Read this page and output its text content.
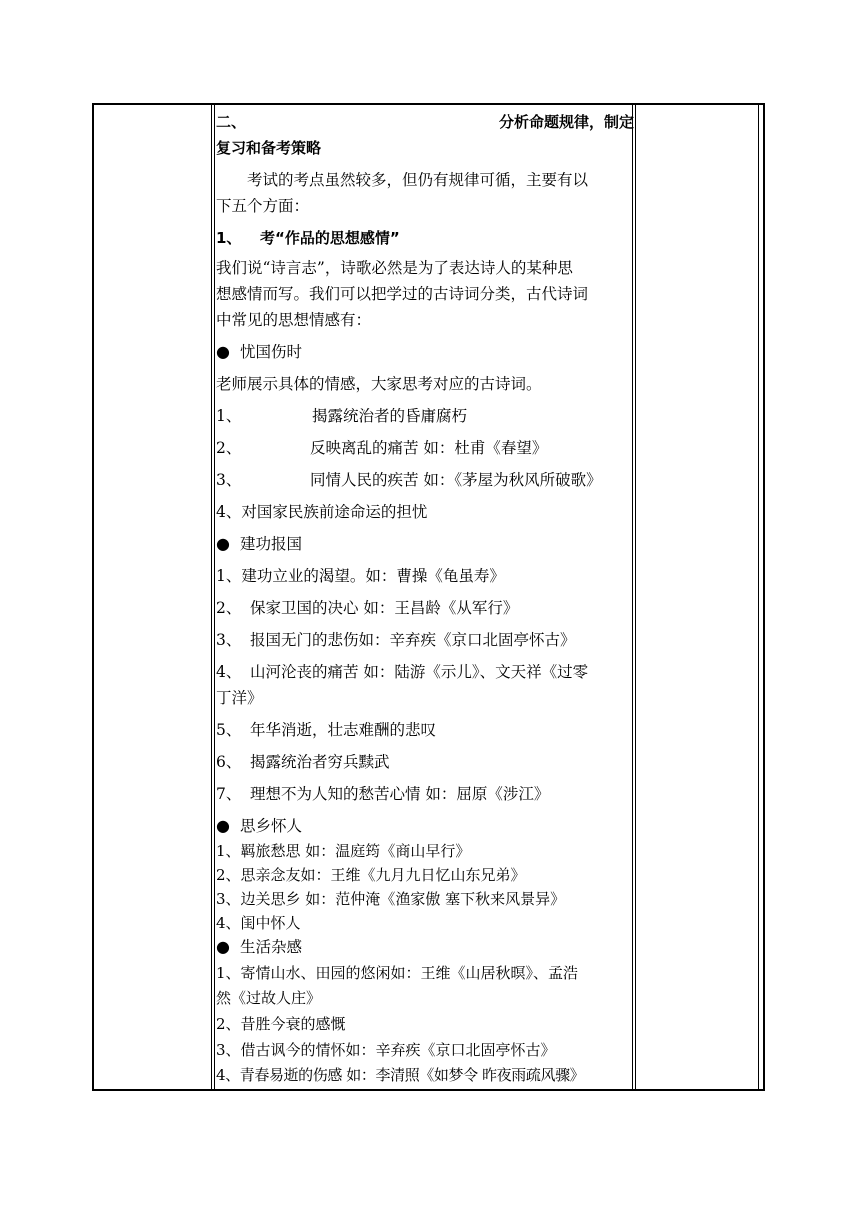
二、	分析命题规律，制定
复习和备考策略
考试的考点虽然较多，但仍有规律可循，主要有以
下五个方面：
1、 考“作品的思想感情”
我们说“诗言志”，诗歌必然是为了表达诗人的某种思
想感情而写。我们可以把学过的古诗词分类，古代诗词
中常见的思想情感有：
● 忧国伤时
老师展示具体的情感，大家思考对应的古诗词。
1、	揭露统治者的昏庸腐朽
2、	反映离乱的痛苦 如：杜甫《春望》
3、	同情人民的疾苦 如：《茅屋为秋风所破歌》
4、对国家民族前途命运的担忧
● 建功报国
1、建功立业的渴望。如：曹操《龟虽寿》
2、 保家卫国的决心 如：王昌龄《从军行》
3、 报国无门的悲伤如：辛弃疾《京口北固亭怀古》
4、 山河沦丧的痛苦 如：陆游《示儿》、文天祥《过零
丁洋》
5、 年华消逝，壮志难酬的悲叹
6、 揭露统治者穷兵黩武
7、 理想不为人知的愁苦心情 如：屈原《涉江》
● 思乡怀人
1、羁旅愁思 如：温庭筠《商山早行》
2、思亲念友如：王维《九月九日忆山东兄弟》
3、边关思乡 如：范仲淹《渔家傲 塞下秋来风景异》
4、闺中怀人
● 生活杂感
1、寄情山水、田园的悠闲如：王维《山居秋暝》、孟浩
然《过故人庄》
2、昔胜今衰的感慨
3、借古讽今的情怀如：辛弃疾《京口北固亭怀古》
4、青春易逝的伤感 如：李清照《如梦令 昨夜雨疏风骤》
